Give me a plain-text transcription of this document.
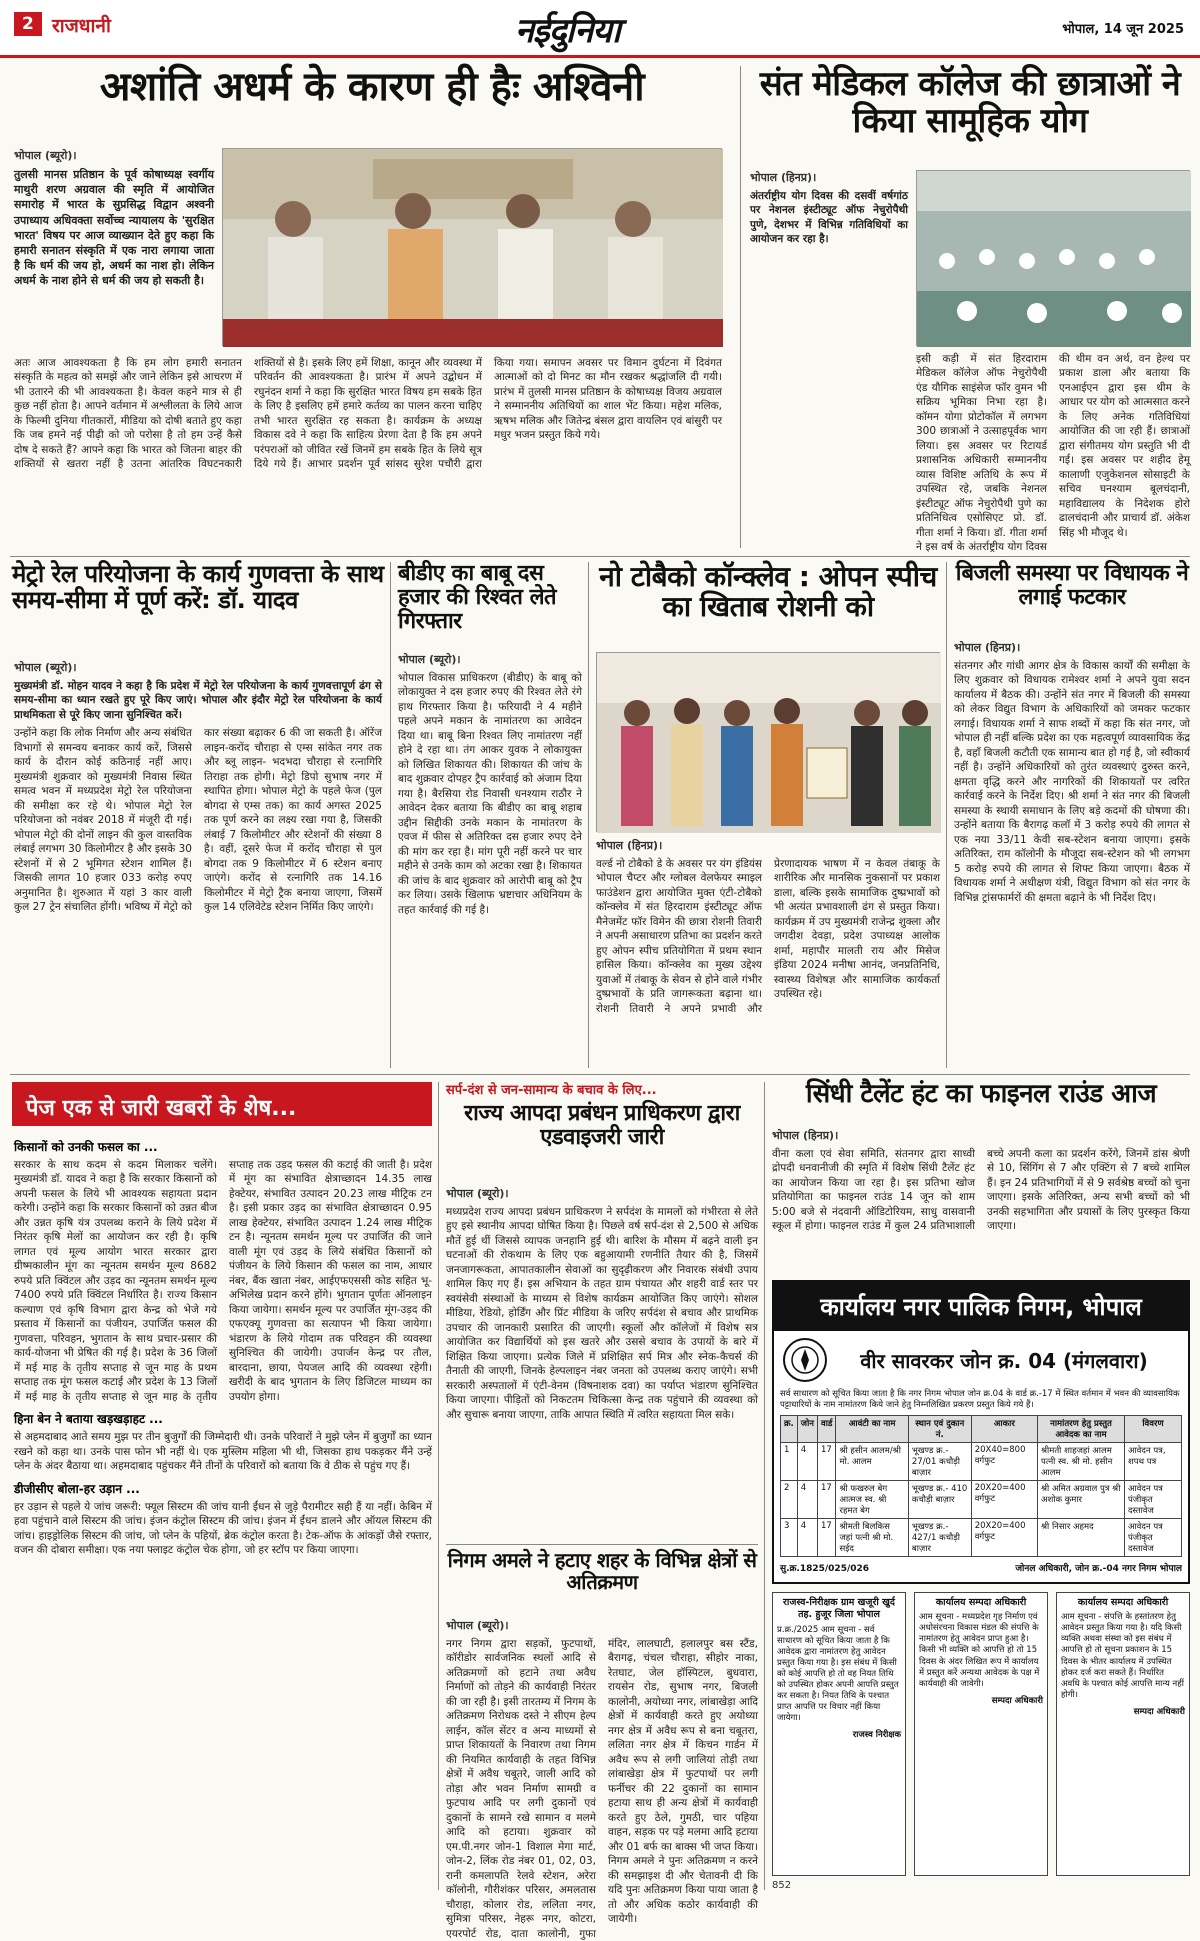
2 राजधानी	नईदुनिया	भोपाल, 14 जून 2025
अशांति अधर्म के कारण ही हैः अश्विनी
भोपाल (ब्यूरो)।
तुलसी मानस प्रतिष्ठान के पूर्व कोषाध्यक्ष स्वर्गीय माथुरी शरण अग्रवाल की स्मृति में आयोजित समारोह में भारत के सुप्रसिद्ध विद्वान अश्वनी उपाध्याय अधिवक्ता सर्वोच्च न्यायालय के 'सुरक्षित भारत' विषय पर आज व्याख्यान देते हुए कहा कि हमारी सनातन संस्कृति में एक नारा लगाया जाता है कि धर्म की जय हो, अधर्म का नाश हो। लेकिन अधर्म के नाश होने से धर्म की जय हो सकती है।
अतः आज आवश्यकता है कि हम लोग हमारी सनातन संस्कृति के महत्व को समझें और जाने लेकिन इसे आचरण में भी उतारने की भी आवश्यकता है। केवल कहने मात्र से ही कुछ नहीं होता है। आपने वर्तमान में अश्लीलता के लिये आज के फिल्मी दुनिया गीतकारों, मीडिया को दोषी बताते हुए कहा कि जब हमने नई पीढ़ी को जो परोसा है तो हम उन्हें कैसे दोष दे सकते हैं? आपने कहा कि भारत को जितना बाहर की शक्तियों से खतरा नहीं है उतना आंतरिक विघटनकारी शक्तियों से है। इसके लिए हमें शिक्षा, कानून और व्यवस्था में परिवर्तन की आवश्यकता है। प्रारंभ में अपने उद्बोधन में रघुनंदन शर्मा ने कहा कि सुरक्षित भारत विषय हम सबके हित के लिए है इसलिए हमें हमारे कर्तव्य का पालन करना चाहिए तभी भारत सुरक्षित रह सकता है। कार्यक्रम के अध्यक्ष विकास दवे ने कहा कि साहित्य प्रेरणा देता है कि हम अपने परंपराओं को जीवित रखें जिनमें हम सबके हित के लिये सूत्र दिये गये हैं। आभार प्रदर्शन पूर्व सांसद सुरेश पचौरी द्वारा किया गया। समापन अवसर पर विमान दुर्घटना में दिवंगत आत्माओं को दो मिनट का मौन रखकर श्रद्धांजलि दी गयी। प्रारंभ में तुलसी मानस प्रतिष्ठान के कोषाध्यक्ष विजय अग्रवाल ने सम्माननीय अतिथियों का शाल भेंट किया। महेश मलिक, ऋषभ मलिक और जितेन्द्र बंसल द्वारा वायलिन एवं बांसुरी पर मधुर भजन प्रस्तुत किये गये।
संत मेडिकल कॉलेज की छात्राओं ने किया सामूहिक योग
भोपाल (हिनप्र)।
अंतर्राष्ट्रीय योग दिवस की दसवीं वर्षगांठ पर नेशनल इंस्टीट्यूट ऑफ नेचुरोपैथी पुणे, देशभर में विभिन्न गतिविधियों का आयोजन कर रहा है।
इसी कड़ी में संत हिरदाराम मेडिकल कॉलेज ऑफ नेचुरोपैथी एंड यौगिक साइंसेज फॉर वुमन भी सक्रिय भूमिका निभा रहा है। कॉमन योगा प्रोटोकॉल में लगभग 300 छात्राओं ने उत्साहपूर्वक भाग लिया। इस अवसर पर रिटायर्ड प्रशासनिक अधिकारी सम्माननीय व्यास विशिष्ट अतिथि के रूप में उपस्थित रहे, जबकि नेशनल इंस्टीट्यूट ऑफ नेचुरोपैथी पुणे का प्रतिनिधित्व एसोसिएट प्रो. डॉ. गीता शर्मा ने किया। डॉ. गीता शर्मा ने इस वर्ष के अंतर्राष्ट्रीय योग दिवस की थीम वन अर्थ, वन हेल्थ पर प्रकाश डाला और बताया कि एनआईएन द्वारा इस थीम के आधार पर योग को आत्मसात करने के लिए अनेक गतिविधियां आयोजित की जा रही हैं। छात्राओं द्वारा संगीतमय योग प्रस्तुति भी दी गई। इस अवसर पर शहीद हेमू कालाणी एजुकेशनल सोसाइटी के सचिव घनश्याम बूलचंदानी, महाविद्यालय के निदेशक होरो ढालचंदानी और प्राचार्य डॉ. अंकेश सिंह भी मौजूद थे।
मेट्रो रेल परियोजना के कार्य गुणवत्ता के साथ समय-सीमा में पूर्ण करें: डॉ. यादव
भोपाल (ब्यूरो)।
मुख्यमंत्री डॉ. मोहन यादव ने कहा है कि प्रदेश में मेट्रो रेल परियोजना के कार्य गुणवत्तापूर्ण ढंग से समय-सीमा का ध्यान रखते हुए पूरे किए जाएं। भोपाल और इंदौर मेट्रो रेल परियोजना के कार्य प्राथमिकता से पूरे किए जाना सुनिश्चित करें।
उन्होंने कहा कि लोक निर्माण और अन्य संबंधित विभागों से समन्वय बनाकर कार्य करें, जिससे कार्य के दौरान कोई कठिनाई नहीं आए। मुख्यमंत्री शुक्रवार को मुख्यमंत्री निवास स्थित समत्व भवन में मध्यप्रदेश मेट्रो रेल परियोजना की समीक्षा कर रहे थे। भोपाल मेट्रो रेल परियोजना को नवंबर 2018 में मंजूरी दी गई। भोपाल मेट्रो की दोनों लाइन की कुल वास्तविक लंबाई लगभग 30 किलोमीटर है और इसके 30 स्टेशनों में से 2 भूमिगत स्टेशन शामिल हैं। जिसकी लागत 10 हजार 033 करोड़ रुपए अनुमानित है। शुरुआत में यहां 3 कार वाली कुल 27 ट्रेन संचालित होंगी। भविष्य में मेट्रो को कार संख्या बढ़ाकर 6 की जा सकती है। ऑरेंज लाइन-करोंद चौराहा से एम्स सांकेत नगर तक और ब्लू लाइन- भदभदा चौराहा से रत्नागिरि तिराहा तक होगी। मेट्रो डिपो सुभाष नगर में स्थापित होगा। भोपाल मेट्रो के पहले फेज (पुल बोगदा से एम्स तक) का कार्य अगस्त 2025 तक पूर्ण करने का लक्ष्य रखा गया है, जिसकी लंबाई 7 किलोमीटर और स्टेशनों की संख्या 8 है। वहीं, दूसरे फेज में करोंद चौराहा से पुल बोगदा तक 9 किलोमीटर में 6 स्टेशन बनाए जाएंगे। करोंद से रत्नागिरि तक 14.16 किलोमीटर में मेट्रो ट्रैक बनाया जाएगा, जिसमें कुल 14 एलिवेटेड स्टेशन निर्मित किए जाएंगे।
बीडीए का बाबू दस हजार की रिश्वत लेते गिरफ्तार
भोपाल (ब्यूरो)।
भोपाल विकास प्राधिकरण (बीडीए) के बाबू को लोकायुक्त ने दस हजार रुपए की रिश्वत लेते रंगे हाथ गिरफ्तार किया है। फरियादी ने 4 महीने पहले अपने मकान के नामांतरण का आवेदन दिया था। बाबू बिना रिश्वत लिए नामांतरण नहीं होने दे रहा था। तंग आकर युवक ने लोकायुक्त को लिखित शिकायत की। शिकायत की जांच के बाद शुक्रवार दोपहर ट्रैप कार्रवाई को अंजाम दिया गया है। बैरसिया रोड निवासी धनश्याम राठौर ने आवेदन देकर बताया कि बीडीए का बाबू शहाब उद्दीन सिद्दीकी उनके मकान के नामांतरण के एवज में फीस से अतिरिक्त दस हजार रुपए देने की मांग कर रहा है। मांग पूरी नहीं करने पर चार महीने से उनके काम को अटका रखा है। शिकायत की जांच के बाद शुक्रवार को आरोपी बाबू को ट्रैप कर लिया। उसके खिलाफ भ्रष्टाचार अधिनियम के तहत कार्रवाई की गई है।
नो टोबैको कॉन्क्लेव : ओपन स्पीच का खिताब रोशनी को
भोपाल (हिनप्र)।
वर्ल्ड नो टोबैको डे के अवसर पर यंग इंडियंस भोपाल चैप्टर और ग्लोबल वेलफेयर स्माइल फाउंडेशन द्वारा आयोजित मुक्त एंटी-टोबैको कॉन्क्लेव में संत हिरदाराम इंस्टीट्यूट ऑफ मैनेजमेंट फॉर विमेन की छात्रा रोशनी तिवारी ने अपनी असाधारण प्रतिभा का प्रदर्शन करते हुए ओपन स्पीच प्रतियोगिता में प्रथम स्थान हासिल किया। कॉन्क्लेव का मुख्य उद्देश्य युवाओं में तंबाकू के सेवन से होने वाले गंभीर दुष्प्रभावों के प्रति जागरूकता बढ़ाना था। रोशनी तिवारी ने अपने प्रभावी और प्रेरणादायक भाषण में न केवल तंबाकू के शारीरिक और मानसिक नुकसानों पर प्रकाश डाला, बल्कि इसके सामाजिक दुष्प्रभावों को भी अत्यंत प्रभावशाली ढंग से प्रस्तुत किया। कार्यक्रम में उप मुख्यमंत्री राजेन्द्र शुक्ला और जगदीश देवड़ा, प्रदेश उपाध्यक्ष आलोक शर्मा, महापौर मालती राय और मिसेज इंडिया 2024 मनीषा आनंद, जनप्रतिनिधि, स्वास्थ्य विशेषज्ञ और सामाजिक कार्यकर्ता उपस्थित रहे।
बिजली समस्या पर विधायक ने लगाई फटकार
भोपाल (हिनप्र)।
संतनगर और गांधी आगर क्षेत्र के विकास कार्यों की समीक्षा के लिए शुक्रवार को विधायक रामेश्वर शर्मा ने अपने युवा सदन कार्यालय में बैठक की। उन्होंने संत नगर में बिजली की समस्या को लेकर विद्युत विभाग के अधिकारियों को जमकर फटकार लगाई। विधायक शर्मा ने साफ शब्दों में कहा कि संत नगर, जो भोपाल ही नहीं बल्कि प्रदेश का एक महत्वपूर्ण व्यावसायिक केंद्र है, वहाँ बिजली कटौती एक सामान्य बात हो गई है, जो स्वीकार्य नहीं है। उन्होंने अधिकारियों को तुरंत व्यवस्थाएं दुरुस्त करने, क्षमता वृद्धि करने और नागरिकों की शिकायतों पर त्वरित कार्रवाई करने के निर्देश दिए। श्री शर्मा ने संत नगर की बिजली समस्या के स्थायी समाधान के लिए बड़े कदमों की घोषणा की। उन्होंने बताया कि बैरागढ़ कलॉ में 3 करोड़ रुपये की लागत से एक नया 33/11 केवी सब-स्टेशन बनाया जाएगा। इसके अतिरिक्त, राम कॉलोनी के मौजूदा सब-स्टेशन को भी लगभग 5 करोड़ रुपये की लागत से शिफ्ट किया जाएगा। बैठक में विधायक शर्मा ने अधीक्षण यंत्री, विद्युत विभाग को संत नगर के विभिन्न ट्रांसफार्मरों की क्षमता बढ़ाने के भी निर्देश दिए।
पेज एक से जारी खबरों के शेष...
किसानों को उनकी फसल का ...
सरकार के साथ कदम से कदम मिलाकर चलेंगे। मुख्यमंत्री डॉ. यादव ने कहा है कि सरकार किसानों को अपनी फसल के लिये भी आवश्यक सहायता प्रदान करेगी। उन्होंने कहा कि सरकार किसानों को उन्नत बीज और उन्नत कृषि यंत्र उपलब्ध कराने के लिये प्रदेश में निरंतर कृषि मेलों का आयोजन कर रही है। कृषि लागत एवं मूल्य आयोग भारत सरकार द्वारा ग्रीष्मकालीन मूंग का न्यूनतम समर्थन मूल्य 8682 रुपये प्रति क्विंटल और उड़द का न्यूनतम समर्थन मूल्य 7400 रुपये प्रति क्विंटल निर्धारित है। राज्य किसान कल्याण एवं कृषि विभाग द्वारा केन्द्र को भेजे गये प्रस्ताव में किसानों का पंजीयन, उपार्जित फसल की गुणवत्ता, परिवहन, भुगतान के साथ प्रचार-प्रसार की कार्य-योजना भी प्रेषित की गई है। प्रदेश के 36 जिलों में मई माह के तृतीय सप्ताह से जून माह के प्रथम सप्ताह तक मूंग फसल कटाई और प्रदेश के 13 जिलों में मई माह के तृतीय सप्ताह से जून माह के तृतीय सप्ताह तक उड़द फसल की कटाई की जाती है। प्रदेश में मूंग का संभावित क्षेत्राच्छादन 14.35 लाख हेक्टेयर, संभावित उत्पादन 20.23 लाख मीट्रिक टन है। इसी प्रकार उड़द का संभावित क्षेत्राच्छादन 0.95 लाख हेक्टेयर, संभावित उत्पादन 1.24 लाख मीट्रिक टन है। न्यूनतम समर्थन मूल्य पर उपार्जित की जाने वाली मूंग एवं उड़द के लिये संबंधित किसानों को पंजीयन के लिये किसान की फसल का नाम, आधार नंबर, बैंक खाता नंबर, आईएफएससी कोड सहित भू-अभिलेख प्रदान करने होंगे। भुगतान पूर्णतः ऑनलाइन किया जायेगा। समर्थन मूल्य पर उपार्जित मूंग-उड़द की एफएक्यू गुणवत्ता का सत्यापन भी किया जायेगा। भंडारण के लिये गोदाम तक परिवहन की व्यवस्था सुनिश्चित की जायेगी। उपार्जन केन्द्र पर तौल, बारदाना, छाया, पेयजल आदि की व्यवस्था रहेगी। खरीदी के बाद भुगतान के लिए डिजिटल माध्यम का उपयोग होगा।
हिना बेन ने बताया खड़खड़ाहट ...
से अहमदाबाद आते समय मुझ पर तीन बुजुर्गों की जिम्मेदारी थी। उनके परिवारों ने मुझे प्लेन में बुजुर्गों का ध्यान रखने को कहा था। उनके पास फोन भी नहीं थे। एक मुस्लिम महिला भी थी, जिसका हाथ पकड़कर मैंने उन्हें प्लेन के अंदर बैठाया था। अहमदाबाद पहुंचकर मैंने तीनों के परिवारों को बताया कि वे ठीक से पहुंच गए हैं।
डीजीसीए बोला-हर उड़ान ...
हर उड़ान से पहले ये जांच जरूरी: फ्यूल सिस्टम की जांच यानी ईंधन से जुड़े पैरामीटर सही हैं या नहीं। केबिन में हवा पहुंचाने वाले सिस्टम की जांच। इंजन कंट्रोल सिस्टम की जांच। इंजन में ईंधन डालने और ऑयल सिस्टम की जांच। हाइड्रोलिक सिस्टम की जांच, जो प्लेन के पहियों, ब्रेक कंट्रोल करता है। टेक-ऑफ के आंकड़ों जैसे रफ्तार, वजन की दोबारा समीक्षा। एक नया फ्लाइट कंट्रोल चेक होगा, जो हर स्टॉप पर किया जाएगा।
सर्प-दंश से जन-सामान्य के बचाव के लिए...
राज्य आपदा प्रबंधन प्राधिकरण द्वारा एडवाइजरी जारी
भोपाल (ब्यूरो)।
मध्यप्रदेश राज्य आपदा प्रबंधन प्राधिकरण ने सर्पदंश के मामलों को गंभीरता से लेते हुए इसे स्थानीय आपदा घोषित किया है। पिछले वर्ष सर्प-दंश से 2,500 से अधिक मौतें हुई थीं जिससे व्यापक जनहानि हुई थी। बारिश के मौसम में बढ़ने वाली इन घटनाओं की रोकथाम के लिए एक बहुआयामी रणनीति तैयार की है, जिसमें जनजागरूकता, आपातकालीन सेवाओं का सुदृढ़ीकरण और निवारक संबंधी उपाय शामिल किए गए हैं। इस अभियान के तहत ग्राम पंचायत और शहरी वार्ड स्तर पर स्वयंसेवी संस्थाओं के माध्यम से विशेष कार्यक्रम आयोजित किए जाएंगे। सोशल मीडिया, रेडियो, होर्डिंग और प्रिंट मीडिया के जरिए सर्पदंश से बचाव और प्राथमिक उपचार की जानकारी प्रसारित की जाएगी। स्कूलों और कॉलेजों में विशेष सत्र आयोजित कर विद्यार्थियों को इस खतरे और उससे बचाव के उपायों के बारे में शिक्षित किया जाएगा। प्रत्येक जिले में प्रशिक्षित सर्प मित्र और स्नेक-कैचर्स की तैनाती की जाएगी, जिनके हेल्पलाइन नंबर जनता को उपलब्ध कराए जाएंगे। सभी सरकारी अस्पतालों में एंटी-वेनम (विषनाशक दवा) का पर्याप्त भंडारण सुनिश्चित किया जाएगा। पीड़ितों को निकटतम चिकित्सा केन्द्र तक पहुंचाने की व्यवस्था को और सुचारू बनाया जाएगा, ताकि आपात स्थिति में त्वरित सहायता मिल सके।
निगम अमले ने हटाए शहर के विभिन्न क्षेत्रों से अतिक्रमण
भोपाल (ब्यूरो)।
नगर निगम द्वारा सड़कों, फुटपाथों, कॉरीडोर सार्वजनिक स्थलों आदि से अतिक्रमणों को हटाने तथा अवैध निर्माणों को तोड़ने की कार्यवाही निरंतर की जा रही है। इसी तारतम्य में निगम के अतिक्रमण निरोधक दस्ते ने सीएम हेल्प लाईन, कॉल सेंटर व अन्य माध्यमों से प्राप्त शिकायतों के निवारण तथा निगम की नियमित कार्यवाही के तहत विभिन्न क्षेत्रों में अवैध चबूतरे, जाली आदि को तोड़ा और भवन निर्माण सामग्री व फुटपाथ आदि पर लगी दुकानों एवं दुकानों के सामने रखे सामान व मलमे आदि को हटाया। शुक्रवार को एम.पी.नगर जोन-1 विशाल मेगा मार्ट, जोन-2, लिंक रोड नंबर 01, 02, 03, रानी कमलापति रेलवे स्टेशन, अरेरा कॉलोनी, गौरीशंकर परिसर, अमलतास चौराहा, कोलार रोड, ललिता नगर, सुमित्रा परिसर, नेहरू नगर, कोटरा, एयरपोर्ट रोड, दाता कालोनी, गुफा मंदिर, लालघाटी, हलालपुर बस स्टैंड, बैरागढ़, चंचल चौराहा, सीहोर नाका, रेतघाट, जेल हॉस्पिटल, बुधवारा, रायसेन रोड, सुभाष नगर, बिजली कालोनी, अयोध्या नगर, लांबाखेड़ा आदि क्षेत्रों में कार्यवाही करते हुए अयोध्या नगर क्षेत्र में अवैध रूप से बना चबूतरा, ललिता नगर क्षेत्र में किचन गार्डन में अवैध रूप से लगी जालियां तोड़ी तथा लांबाखेड़ा क्षेत्र में फुटपाथों पर लगी फर्नीचर की 22 दुकानों का सामान हटाया साथ ही अन्य क्षेत्रों में कार्यवाही करते हुए ठेले, गुमठी, चार पहिया वाहन, सड़क पर पड़े मलमा आदि हटाया और 01 बर्फ का बाक्स भी जप्त किया। निगम अमले ने पुनः अतिक्रमण न करने की समझाइश दी और चेतावनी दी कि यदि पुनः अतिक्रमण किया पाया जाता है तो और अधिक कठोर कार्यवाही की जायेगी।
सिंधी टैलेंट हंट का फाइनल राउंड आज
भोपाल (हिनप्र)।
वीना कला एवं सेवा समिति, संतनगर द्वारा साध्वी द्रोपदी धनवानीजी की स्मृति में विशेष सिंधी टैलेंट हंट का आयोजन किया जा रहा है। इस प्रतिभा खोज प्रतियोगिता का फाइनल राउंड 14 जून को शाम 5:00 बजे से नंदवानी ऑडिटोरियम, साधु वासवानी स्कूल में होगा। फाइनल राउंड में कुल 24 प्रतिभाशाली बच्चे अपनी कला का प्रदर्शन करेंगे, जिनमें डांस श्रेणी से 10, सिंगिंग से 7 और एक्टिंग से 7 बच्चे शामिल हैं। इन 24 प्रतिभागियों में से 9 सर्वश्रेष्ठ बच्चों को चुना जाएगा। इसके अतिरिक्त, अन्य सभी बच्चों को भी उनकी सहभागिता और प्रयासों के लिए पुरस्कृत किया जाएगा।
कार्यालय नगर पालिक निगम, भोपाल
वीर सावरकर जोन क्र. 04 (मंगलवारा)
सर्व साधारण को सूचित किया जाता है कि नगर निगम भोपाल जोन क्र.04 के वार्ड क्र.-17 में स्थित वर्तमान में भवन की व्यावसायिक पट्टाधारियों के नाम नामांतरण किये जाने हेतु निम्नलिखित प्रकरण प्रस्तुत किये गये हैं।
क्र.	जोन	वार्ड	आवंटी का नाम	स्थान एवं दुकान नं.	आकार	नामांतरण हेतु प्रस्तुत आवेदक का नाम	विवरण
1	4	17	श्री हसीन आलम/श्री मो. आलम	भूखण्ड क्र.- 27/01 कचौड़ी बाज़ार	20X40=800 वर्गफुट	श्रीमती शाहजहां आलम पत्नी स्व. श्री मो. हसीन आलम	आवेदन पत्र, शपथ पत्र
2	4	17	श्री फखरुल बेग आत्मज स्व. श्री रहमत बेग	भूखण्ड क्र.- 410 कचौड़ी बाज़ार	20X20=400 वर्गफुट	श्री अमित अग्रवाल पुत्र श्री अशोक कुमार	आवेदन पत्र पंजीकृत दस्तावेज
3	4	17	श्रीमती बिलकिस जहां पत्नी श्री मो. सईद	भूखण्ड क्र.- 427/1 कचौड़ी बाज़ार	20X20=400 वर्गफुट	श्री निसार अहमद	आवेदन पत्र पंजीकृत दस्तावेज
सु.क्र.1825/025/026	जोनल अधिकारी, जोन क्र.-04 नगर निगम भोपाल
राजस्व-निरीक्षक ग्राम खजूरी खुर्द तह. हुजूर जिला भोपाल
प्र.क्र./2025 आम सूचना - सर्व साधारण को सूचित किया जाता है कि आवेदक द्वारा नामांतरण हेतु आवेदन प्रस्तुत किया गया है। इस संबंध में किसी को कोई आपत्ति हो तो वह नियत तिथि को उपस्थित होकर अपनी आपत्ति प्रस्तुत कर सकता है। नियत तिथि के पश्चात प्राप्त आपत्ति पर विचार नहीं किया जायेगा।
राजस्व निरीक्षक
कार्यालय सम्पदा अधिकारी
आम सूचना - मध्यप्रदेश गृह निर्माण एवं अधोसंरचना विकास मंडल की संपत्ति के नामांतरण हेतु आवेदन प्राप्त हुआ है। किसी भी व्यक्ति को आपत्ति हो तो 15 दिवस के अंदर लिखित रूप में कार्यालय में प्रस्तुत करें अन्यथा आवेदक के पक्ष में कार्यवाही की जावेगी।
सम्पदा अधिकारी
कार्यालय सम्पदा अधिकारी
आम सूचना - संपत्ति के हस्तांतरण हेतु आवेदन प्रस्तुत किया गया है। यदि किसी व्यक्ति अथवा संस्था को इस संबंध में आपत्ति हो तो सूचना प्रकाशन के 15 दिवस के भीतर कार्यालय में उपस्थित होकर दर्ज करा सकते हैं। निर्धारित अवधि के पश्चात कोई आपत्ति मान्य नहीं होगी।
सम्पदा अधिकारी
852
